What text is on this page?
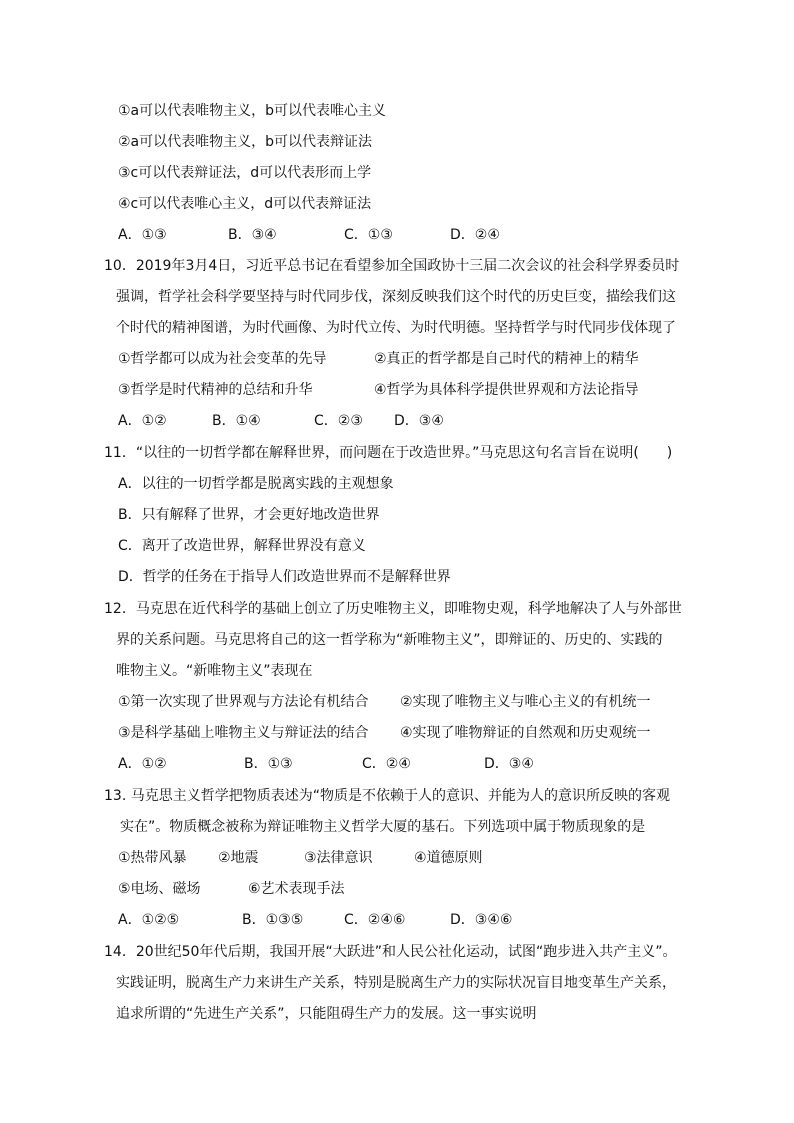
①a可以代表唯物主义，b可以代表唯心主义
②a可以代表唯物主义，b可以代表辩证法
③c可以代表辩证法，d可以代表形而上学
④c可以代表唯心主义，d可以代表辩证法
A．①③	B．③④	C．①③	D．②④
10．2019年3月4日，习近平总书记在看望参加全国政协十三届二次会议的社会科学界委员时
强调，哲学社会科学要坚持与时代同步伐，深刻反映我们这个时代的历史巨变，描绘我们这
个时代的精神图谱，为时代画像、为时代立传、为时代明德。坚持哲学与时代同步伐体现了
①哲学都可以成为社会变革的先导	②真正的哲学都是自己时代的精神上的精华
③哲学是时代精神的总结和升华	④哲学为具体科学提供世界观和方法论指导
A．①②	B．①④	C．②③ D．③④
11．“以往的一切哲学都在解释世界，而问题在于改造世界。”马克思这句名言旨在说明(　　)
A．以往的一切哲学都是脱离实践的主观想象
B．只有解释了世界，才会更好地改造世界
C．离开了改造世界，解释世界没有意义
D．哲学的任务在于指导人们改造世界而不是解释世界
12．马克思在近代科学的基础上创立了历史唯物主义，即唯物史观，科学地解决了人与外部世
界的关系问题。马克思将自己的这一哲学称为“新唯物主义”，即辩证的、历史的、实践的
唯物主义。“新唯物主义”表现在
①第一次实现了世界观与方法论有机结合 ②实现了唯物主义与唯心主义的有机统一
③是科学基础上唯物主义与辩证法的结合 ④实现了唯物辩证的自然观和历史观统一
A．①②	B．①③	C．②④	D．③④
13. 马克思主义哲学把物质表述为“物质是不依赖于人的意识、并能为人的意识所反映的客观
实在”。物质概念被称为辩证唯物主义哲学大厦的基石。下列选项中属于物质现象的是
①热带风暴 ②地震	③法律意识	④道德原则
⑤电场、磁场	⑥艺术表现手法
A．①②⑤	B．①③⑤	C．②④⑥	D．③④⑥
14．20世纪50年代后期，我国开展“大跃进”和人民公社化运动，试图“跑步进入共产主义”。
实践证明，脱离生产力来讲生产关系，特别是脱离生产力的实际状况盲目地变革生产关系，
追求所谓的“先进生产关系”，只能阻碍生产力的发展。这一事实说明
